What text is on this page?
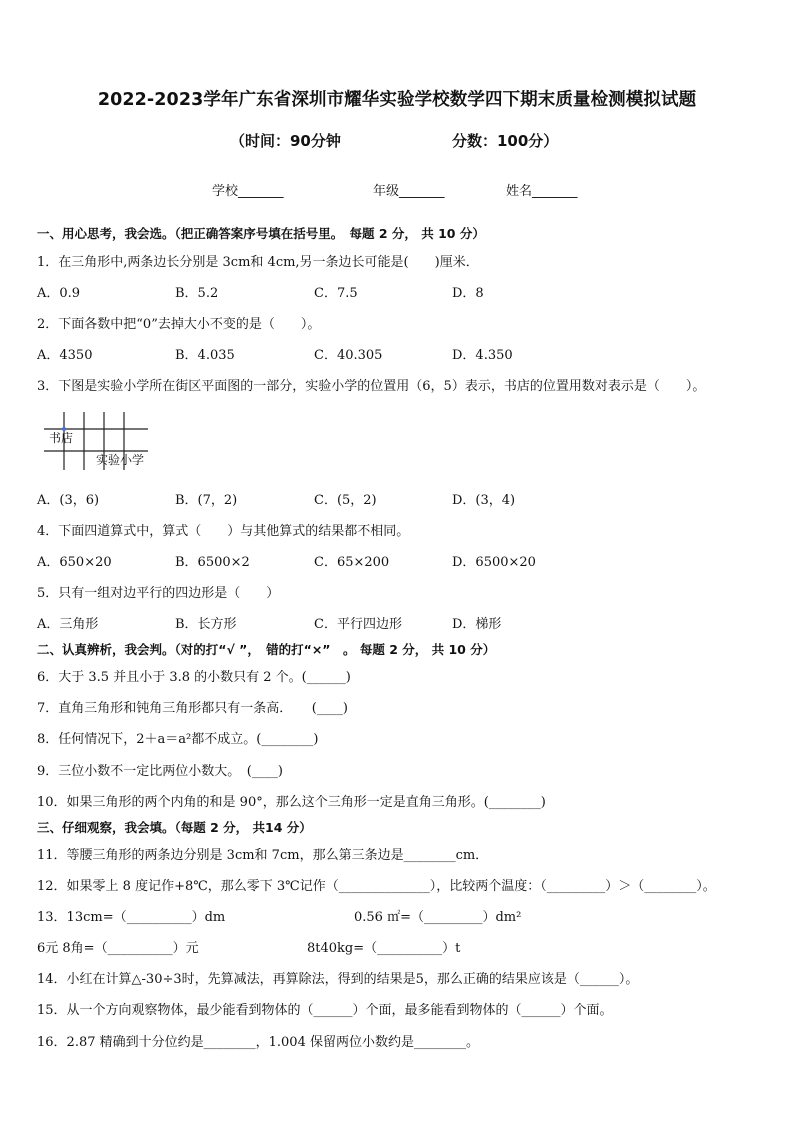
2022-2023学年广东省深圳市耀华实验学校数学四下期末质量检测模拟试题
（时间：90分钟	分数：100分）
学校_______	年级_______	姓名_______
一、用心思考，我会选。（把正确答案序号填在括号里。　每题 2 分， 共 10 分）
1．在三角形中,两条边长分别是 3cm和 4cm,另一条边长可能是(　　)厘米．
A．0.9	B．5.2	C．7.5	D．8
2．下面各数中把“0”去掉大小不变的是（　　）。
A．4350	B．4.035	C．40.305	D．4.350
3．下图是实验小学所在街区平面图的一部分，实验小学的位置用（6，5）表示，书店的位置用数对表示是（　　）。
书店
实验小学
A．(3，6)	B．(7，2)	C．(5，2)	D．(3，4)
4．下面四道算式中，算式（　　）与其他算式的结果都不相同。
A．650×20	B．6500×2	C．65×200	D．6500×20
5．只有一组对边平行的四边形是（　　）
A．三角形	B．长方形	C．平行四边形	D．梯形
二、认真辨析，我会判。（对的打“√ ”，　错的打“×”　。 每题 2 分， 共 10 分）
6．大于 3.5 并且小于 3.8 的小数只有 2 个。(______)
7．直角三角形和钝角三角形都只有一条高．　　(____)
8．任何情况下，2＋a＝a²都不成立。(________)
9．三位小数不一定比两位小数大。　(____)
10．如果三角形的两个内角的和是 90°，那么这个三角形一定是直角三角形。(________)
三、仔细观察，我会填。（每题 2 分， 共14 分）
11．等腰三角形的两条边分别是 3cm和 7cm，那么第三条边是________cm．
12．如果零上 8 度记作+8℃，那么零下 3℃记作（______________），比较两个温度：（_________）＞（________）。
13．13cm=（__________）dm	0.56 ㎡=（_________）dm²
6元 8角=（__________）元	8t40kg=（__________）t
14．小红在计算△-30÷3时，先算减法，再算除法，得到的结果是5，那么正确的结果应该是（______）。
15．从一个方向观察物体，最少能看到物体的（______）个面，最多能看到物体的（______）个面。
16．2.87 精确到十分位约是________，1.004 保留两位小数约是________。
